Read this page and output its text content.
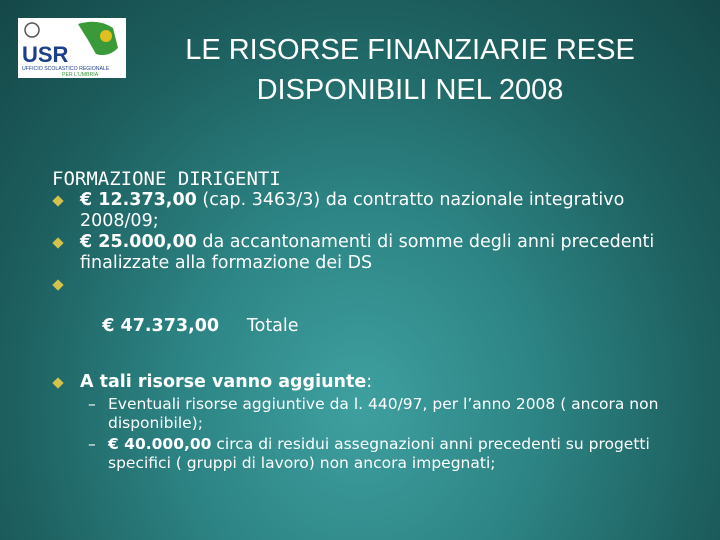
USR
UFFICIO SCOLASTICO REGIONALE
PER L'UMBRIA
LE RISORSE FINANZIARIE RESE
DISPONIBILI NEL 2008
FORMAZIONE DIRIGENTI
€ 12.373,00 (cap. 3463/3) da contratto nazionale integrativo 2008/09;
€ 25.000,00 da accantonamenti di somme degli anni precedenti finalizzate alla formazione dei DS

€ 47.373,00     Totale

A tali risorse vanno aggiunte:
– Eventuali risorse aggiuntive da l. 440/97, per l’anno 2008 ( ancora non disponibile);
– € 40.000,00 circa di residui assegnazioni anni precedenti su progetti specifici ( gruppi di lavoro) non ancora impegnati;
